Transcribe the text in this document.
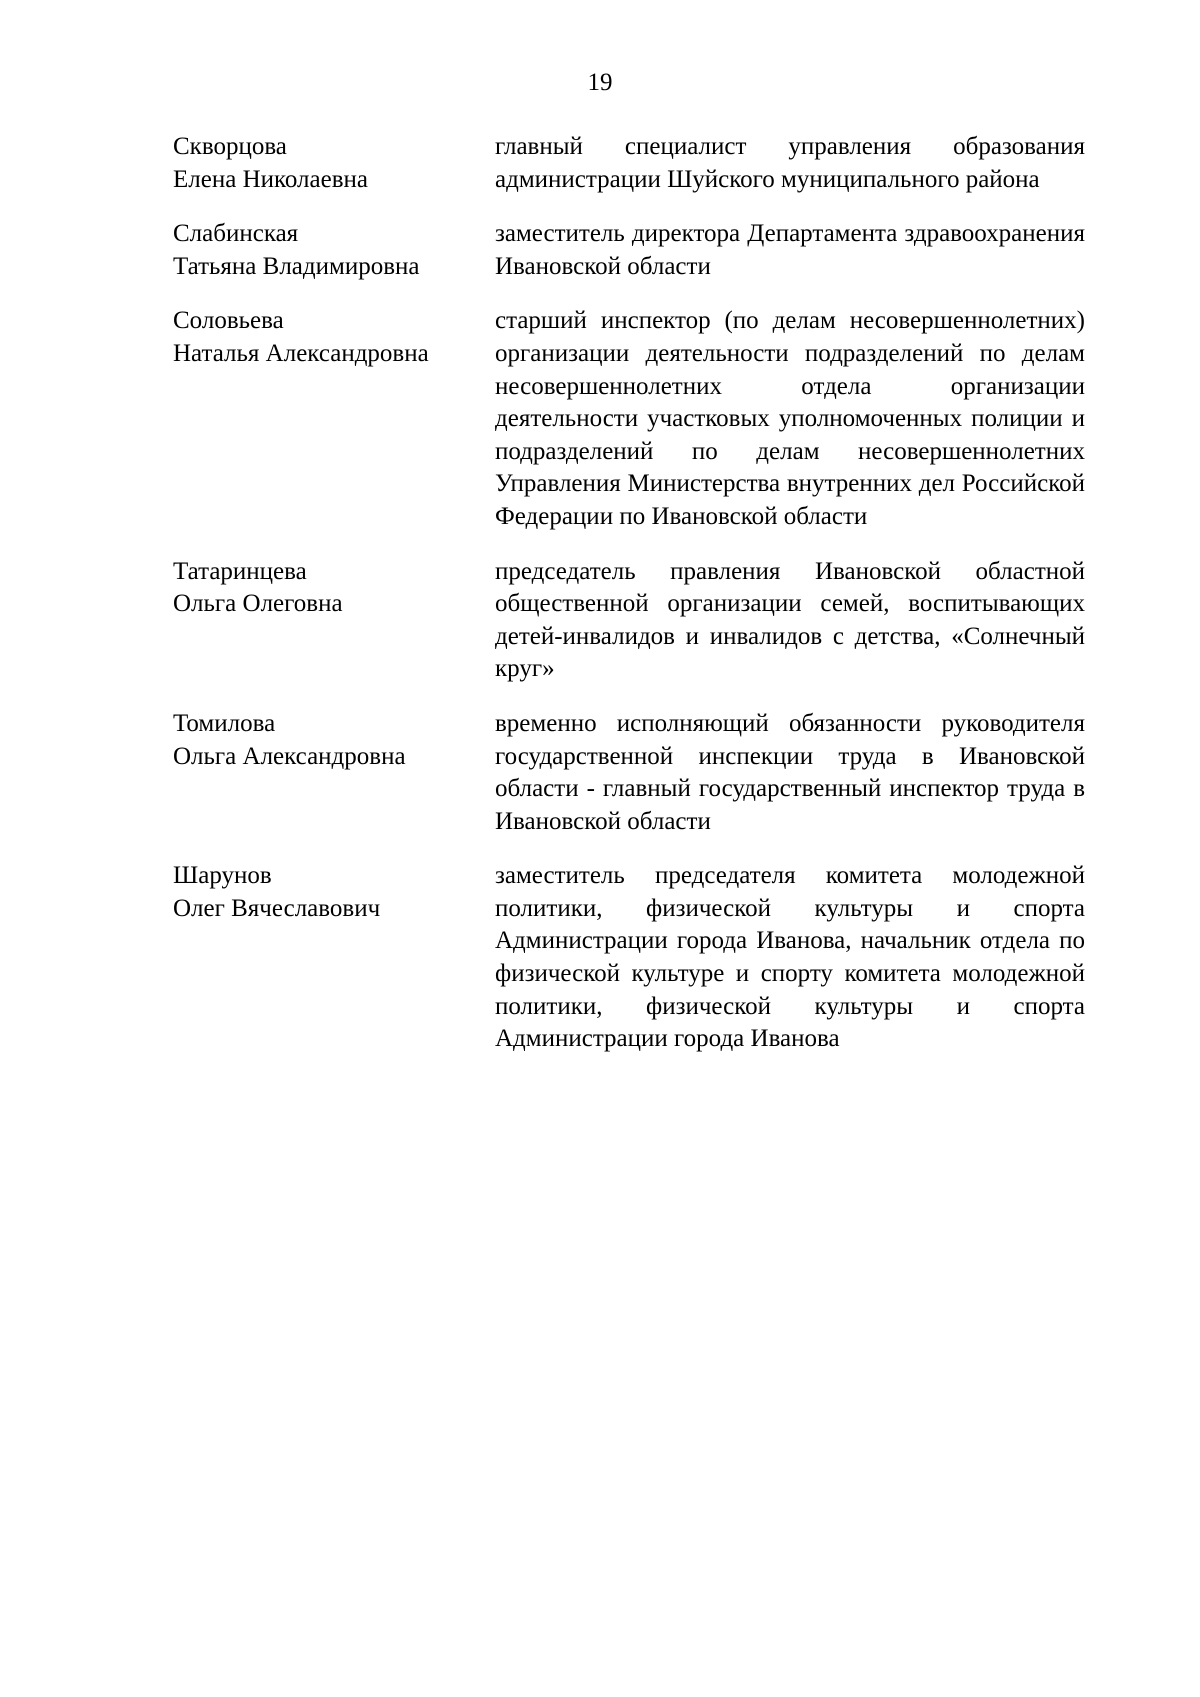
19
Скворцова
Елена Николаевна
главный специалист управления образования администрации Шуйского муниципального района
Слабинская
Татьяна Владимировна
заместитель директора Департамента здравоохранения Ивановской области
Соловьева
Наталья Александровна
старший инспектор (по делам несовершеннолетних) организации деятельности подразделений по делам несовершеннолетних отдела организации деятельности участковых уполномоченных полиции и подразделений по делам несовершеннолетних Управления Министерства внутренних дел Российской Федерации по Ивановской области
Татаринцева
Ольга Олеговна
председатель правления Ивановской областной общественной организации семей, воспитывающих детей-инвалидов и инвалидов с детства, «Солнечный круг»
Томилова
Ольга Александровна
временно исполняющий обязанности руководителя государственной инспекции труда в Ивановской области - главный государственный инспектор труда в Ивановской области
Шарунов
Олег Вячеславович
заместитель председателя комитета молодежной политики, физической культуры и спорта Администрации города Иванова, начальник отдела по физической культуре и спорту комитета молодежной политики, физической культуры и спорта Администрации города Иванова
